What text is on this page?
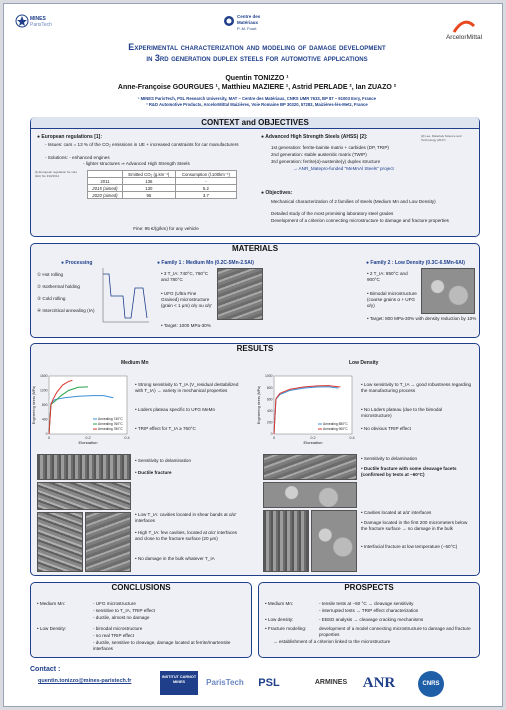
MINES
ParisTech
Centre des
Matériaux
P.-M. Fourt
ArcelorMittal
Experimental characterization and modeling of damage development
in 3rd generation duplex steels for automotive applications
Quentin TONIZZO ¹
Anne-Françoise GOURGUES ¹, Matthieu MAZIERE ¹, Astrid PERLADE ², Ian ZUAZO ²
¹ MINES ParisTech, PSL Research University, MAT – Centre des Matériaux, CNRS UMR 7633, BP 87 – 91003 Evry, France
² R&D Automotive Products, ArcelorMittal Maizières, Voie Romaine BP 30320, 57283, Maizières-lès-Metz, France
CONTEXT and OBJECTIVES
● European regulations [1]:
- Issues: cars = 13 % of the CO₂ emissions in UE + increased constraints for car manufacturers
- Solutions: - enhanced engines
- lighter structures ⇒ Advanced High Strength Steels
[1] European regulation for cars (EU) No 333/2014
		Emitted CO₂ (g.km⁻¹)	Consumption (l.100km⁻¹)
2011	136	-
2015 (aimed)	130	5.2
2020 (aimed)	95	3.7
Fine: 95 €/(g/km) for any vehicle
● Advanced High Strength Steels (AHSS) [2]:	[2] Lee, Materials Science and Technology (2017)
1st generation: ferrite-bainite matrix + carbides (DP, TRIP)
2nd generation: stable austenitic matrix (TWIP)
3rd generation: ferrite(α)-austenite(γ) duplex structure
→ ANR_Matepro-funded "MeMnAl Steels" project
● Objectives:
Mechanical characterization of 2 families of steels (Medium Mn and Low Density)
Detailed study of the most promising laboratory steel grades
Development of a criterion connecting microstructure to damage and fracture properties
MATERIALS
● Processing
① Hot rolling
② Isothermal holding
③ Cold rolling
④ Intercritical annealing (IA)
● Family 1 : Medium Mn (0.2C-5Mn-2.5Al)
• 3 T_IA: 740°C, 760°C and 780°C
• UFG (Ultra Fine Grained) microstructure (grain < 1 μm) α/γ ou α/γ'
• Target: 1000 MPa-30%
● Family 2 : Low Density (0.3C-6.5Mn-6Al)
• 2 T_IA: 850°C and 900°C
• Bimodal microstructure (coarse grains α + UFG α/γ)
• Target: 800 MPa-30% with density reduction by 10%
RESULTS
Medium Mn	Low Density
0	0.2	0.4
0
400
800
1200
1600
Elongation
Engineering stress (MPa)	Annealing 740°C
Annealing 760°C
Annealing 780°C
0	0.2	0.4
0
200
400
600
800
1000
Elongation
Engineering stress (MPa)	Annealing 850°C
Annealing 900°C
• Strong sensitivity to T_IA (V_residual destabilized with T_IA) → variety in mechanical properties
• Lüders plateau specific to UFG MeMn
• TRIP effect for T_IA ≥ 760°C
• Low sensitivity to T_IA → good robustness regarding the manufacturing process
• No Lüders plateau (due to the bimodal microstructure)
• No obvious TRIP effect
• Sensitivity to delamination
• Ductile fracture
• Sensitivity to delamination
• Ductile fracture with some cleavage facets (confirmed by tests at −60°C)
• Low T_IA: cavities located in shear bands at α/α' interfaces
• High T_IA: few cavities, located at α/α' interfaces and close to the fracture surface (20 μm)
• No damage in the bulk whatever T_IA
• Cavities located at α/α' interfaces
• Damage located in the first 200 micrometers below the fracture surface → no damage in the bulk
• Interfacial fracture at low temperature (−60°C)
CONCLUSIONS
• Medium Mn:	- UFG microstructure
- sensitive to T_IA, TRIP effect
- ductile, almost no damage
• Low Density:	- bimodal microstructure
- no real TRIP effect
- ductile, sensitive to cleavage, damage located at ferrite/martensite interfaces
PROSPECTS
• Medium Mn:	- tensile tests at −50 °C → cleavage sensitivity
- interrupted tests → TRIP effect characterization
• Low density:	- EBSD analysis → cleavage cracking mechanisms
• Fracture modeling:	development of a model connecting microstructure to damage and fracture properties
→ establishment of a criterion linked to the microstructure
Contact :
quentin.tonizzo@mines-paristech.fr
INSTITUT CARNOT MINES	ParisTech	PSL	ARMINES	ANR	CNRS
